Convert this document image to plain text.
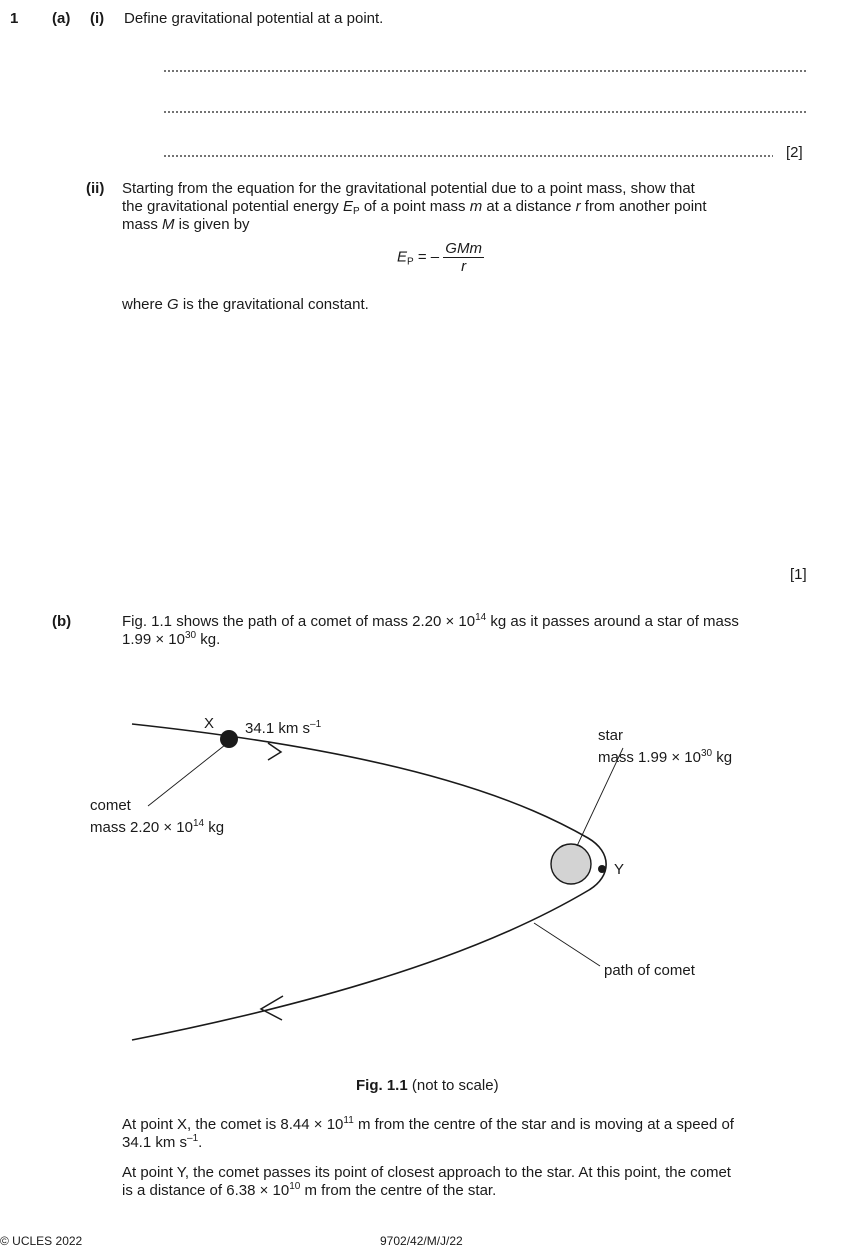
1 (a) (i) Define gravitational potential at a point.
[2]
(ii) Starting from the equation for the gravitational potential due to a point mass, show that
the gravitational potential energy $E_P$ of a point mass m at a distance r from another point
mass M is given by
$E_P$ = – $\frac{\text{GMm}}{r}$
where G is the gravitational constant.
[1]
(b)	Fig. 1.1 shows the path of a comet of mass $2.20 \times 10^{14}$ kg as it passes around a star of mass
$1.99 \times 10^{30}$ kg.
X 34.1 km $s^{-1}$
star
mass $1.99 \times 10^{30}$ kg
comet
mass $2.20 \times 10^{14}$ kg
Y
path of comet
Fig. 1.1 (not to scale)
At point X, the comet is $8.44 \times 10^{11}$ m from the centre of the star and is moving at a speed of
34.1 km $s^{-1}$.
At point Y, the comet passes its point of closest approach to the star. At this point, the comet
is a distance of $6.38 \times 10^{10}$ m from the centre of the star.
© UCLES 2022	9702/42/M/J/22
